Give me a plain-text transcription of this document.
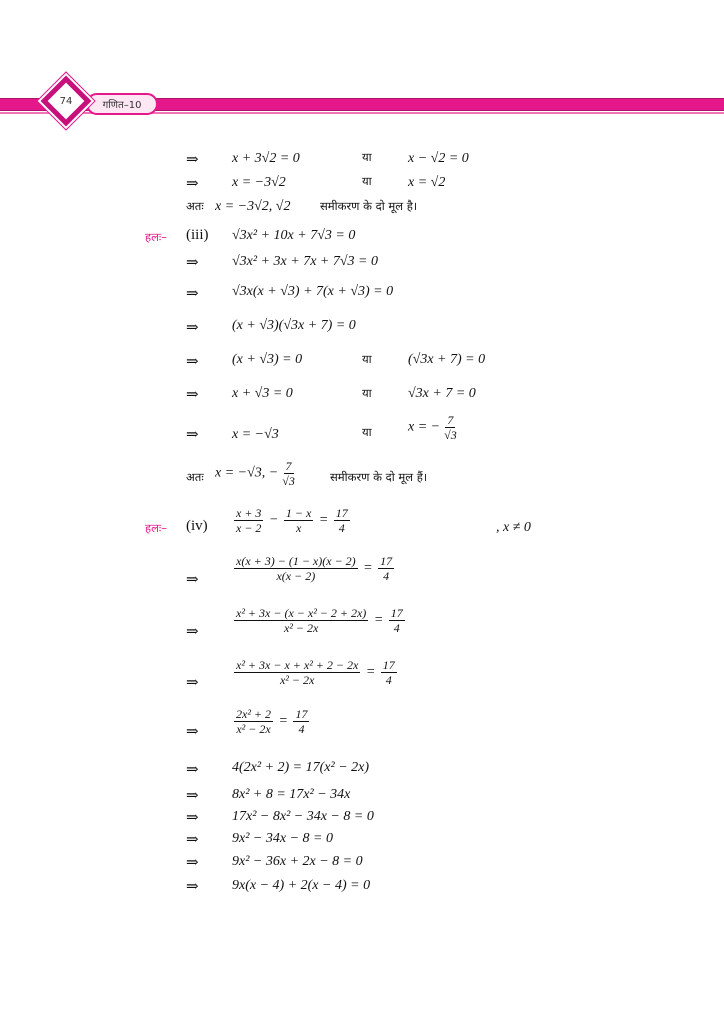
गणित–10
74
⇒ x + 3√2 = 0	या	x − √2 = 0
⇒ x = −3√2	या	x = √2
अतः x = −3√2, √2	समीकरण के दो मूल है।
हलः– (iii) √3x² + 10x + 7√3 = 0
⇒ √3x² + 3x + 7x + 7√3 = 0
⇒ √3x(x + √3) + 7(x + √3) = 0
⇒ (x + √3)(√3x + 7) = 0
⇒ (x + √3) = 0	या	(√3x + 7) = 0
⇒ x + √3 = 0	या	√3x + 7 = 0
⇒ x = −√3	या	x = − $\frac{7}{√3}$
अतः x = −√3, − $\frac{7}{√3}$	समीकरण के दो मूल हैं।
हलः– $(iv) \frac{x + 3}{x - 2} - \frac{1 - x}{x} = \frac{17}{4}$	, x ≠ 0
⇒	$\frac{x(x + 3) - (1 - x)(x - 2)}{x(x - 2)} = \frac{17}{4}$
⇒	$\frac{\text{x² + 3x − (x − x² − 2 + 2x)}}{\text{x² − 2x}} = \frac{17}{4}$
⇒	$\frac{\text{x² + 3x − x + x² + 2 − 2x}}{\text{x² − 2x}} = \frac{17}{4}$
⇒	$\frac{\text{2x² + 2}}{\text{x² − 2x}} = \frac{17}{4}$
⇒ 4(2x² + 2) = 17(x² − 2x)
⇒ 8x² + 8 = 17x² − 34x
⇒ 17x² − 8x² − 34x − 8 = 0
⇒ 9x² − 34x − 8 = 0
⇒ 9x² − 36x + 2x − 8 = 0
⇒ 9x(x − 4) + 2(x − 4) = 0
